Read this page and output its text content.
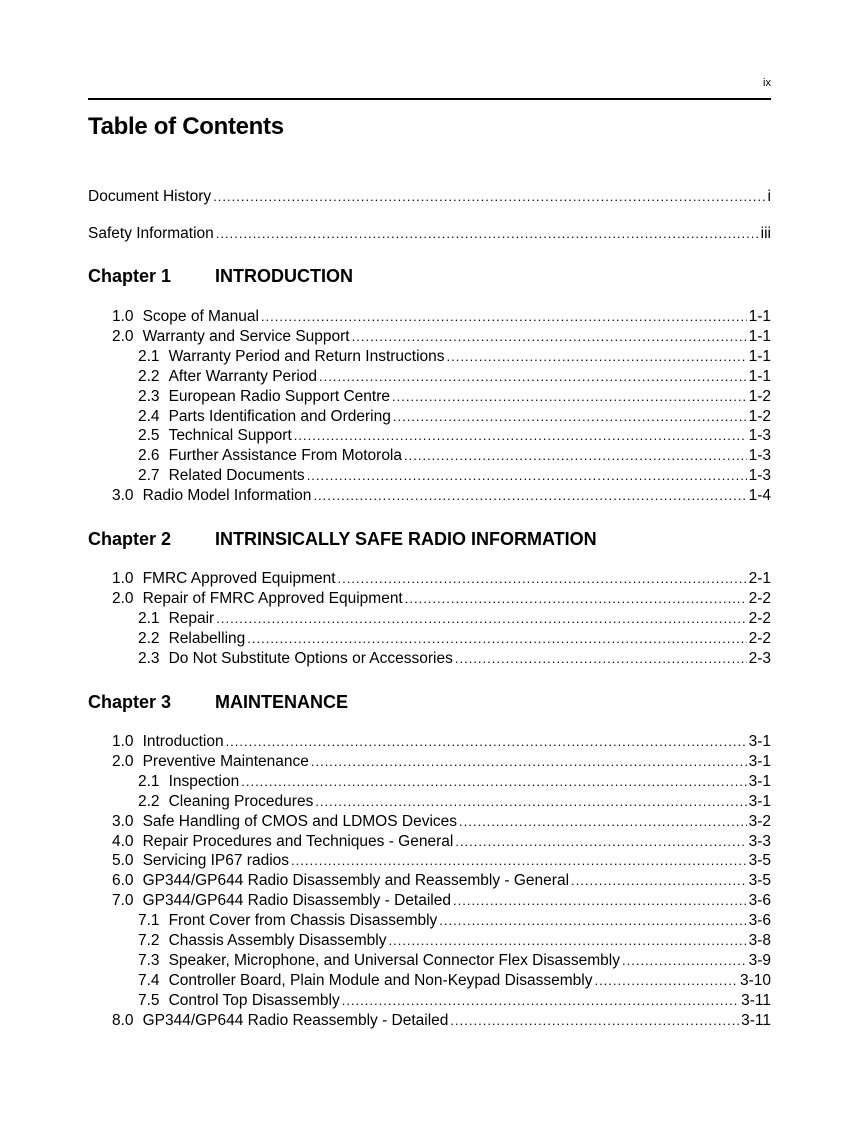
ix
Table of Contents
Document History .....	i
Safety Information .....	iii
Chapter 1	INTRODUCTION
1.0 Scope of Manual .....	1-1
2.0 Warranty and Service Support .....	1-1
2.1 Warranty Period and Return Instructions .....	1-1
2.2 After Warranty Period .....	1-1
2.3 European Radio Support Centre .....	1-2
2.4 Parts Identification and Ordering .....	1-2
2.5 Technical Support .....	1-3
2.6 Further Assistance From Motorola .....	1-3
2.7 Related Documents .....	1-3
3.0 Radio Model Information .....	1-4
Chapter 2	INTRINSICALLY SAFE RADIO INFORMATION
1.0 FMRC Approved Equipment .....	2-1
2.0 Repair of FMRC Approved Equipment .....	2-2
2.1 Repair .....	2-2
2.2 Relabelling .....	2-2
2.3 Do Not Substitute Options or Accessories .....	2-3
Chapter 3	MAINTENANCE
1.0 Introduction .....	3-1
2.0 Preventive Maintenance .....	3-1
2.1 Inspection .....	3-1
2.2 Cleaning Procedures .....	3-1
3.0 Safe Handling of CMOS and LDMOS Devices .....	3-2
4.0 Repair Procedures and Techniques - General .....	3-3
5.0 Servicing IP67 radios .....	3-5
6.0 GP344/GP644 Radio Disassembly and Reassembly - General .....	3-5
7.0 GP344/GP644 Radio Disassembly - Detailed .....	3-6
7.1 Front Cover from Chassis Disassembly .....	3-6
7.2 Chassis Assembly Disassembly .....	3-8
7.3 Speaker, Microphone, and Universal Connector Flex Disassembly .....	3-9
7.4 Controller Board, Plain Module and Non-Keypad Disassembly .....	3-10
7.5 Control Top Disassembly .....	3-11
8.0 GP344/GP644 Radio Reassembly - Detailed .....	3-11
